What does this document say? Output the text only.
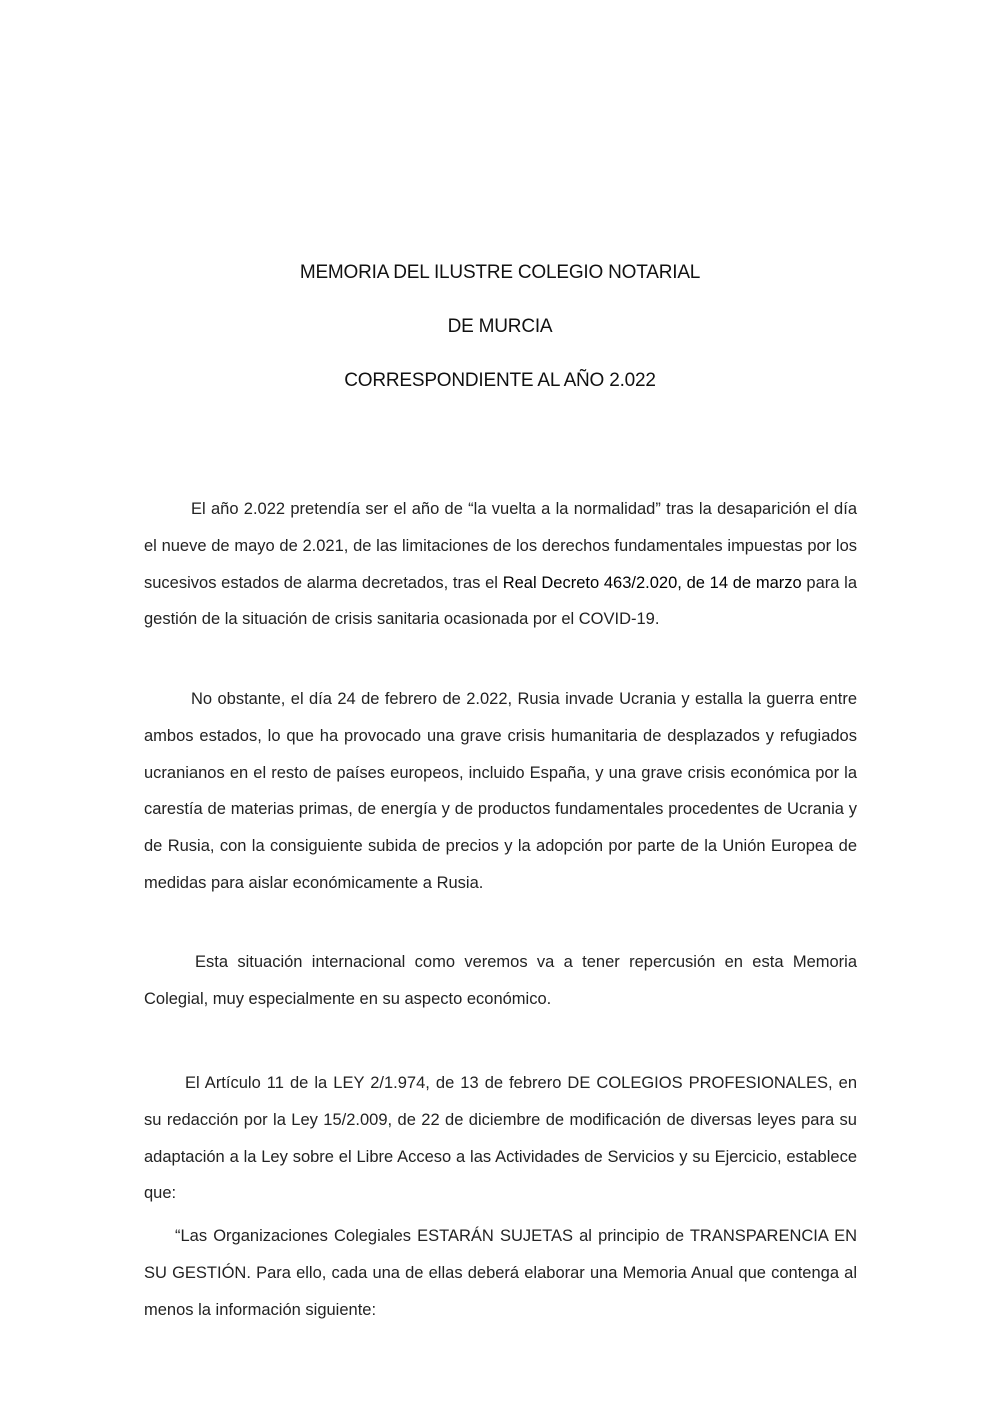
MEMORIA DEL ILUSTRE COLEGIO NOTARIAL
DE MURCIA
CORRESPONDIENTE AL AÑO 2.022

El año 2.022 pretendía ser el año de “la vuelta a la normalidad” tras la desaparición el día el nueve de mayo de 2.021, de las limitaciones de los derechos fundamentales impuestas por los sucesivos estados de alarma decretados, tras el Real Decreto 463/2.020, de 14 de marzo para la gestión de la situación de crisis sanitaria ocasionada por el COVID-19.

No obstante, el día 24 de febrero de 2.022, Rusia invade Ucrania y estalla la guerra entre ambos estados, lo que ha provocado una grave crisis humanitaria de desplazados y refugiados ucranianos en el resto de países europeos, incluido España, y una grave crisis económica por la carestía de materias primas, de energía y de productos fundamentales procedentes de Ucrania y de Rusia, con la consiguiente subida de precios y la adopción por parte de la Unión Europea de medidas para aislar económicamente a Rusia.

Esta situación internacional como veremos va a tener repercusión en esta Memoria Colegial, muy especialmente en su aspecto económico.

El Artículo 11 de la LEY 2/1.974, de 13 de febrero DE COLEGIOS PROFESIONALES, en su redacción por la Ley 15/2.009, de 22 de diciembre de modificación de diversas leyes para su adaptación a la Ley sobre el Libre Acceso a las Actividades de Servicios y su Ejercicio, establece que:

“Las Organizaciones Colegiales ESTARÁN SUJETAS al principio de TRANSPARENCIA EN SU GESTIÓN. Para ello, cada una de ellas deberá elaborar una Memoria Anual que contenga al menos la información siguiente:
